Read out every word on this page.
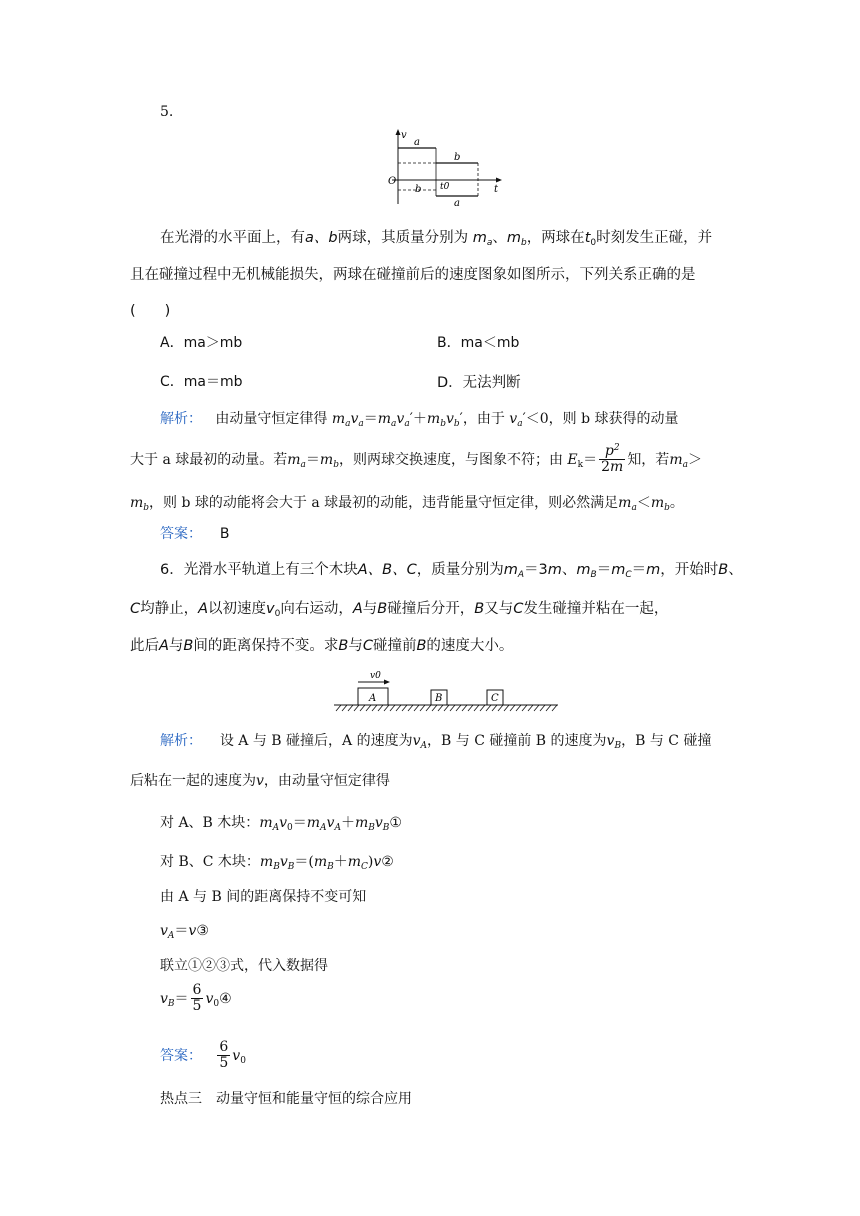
5.
v
O
a
b
b t0
a
t
在光滑的水平面上，有a、b两球，其质量分别为 $m_a$、$m_b$，两球在$t_0$时刻发生正碰，并
且在碰撞过程中无机械能损失，两球在碰撞前后的速度图象如图所示，下列关系正确的是
(　　)
A．ma＞mb	B．ma＜mb
C．ma＝mb	D．无法判断
解析： 由动量守恒定律得 $m_av_a=m_av_a'+m_bv_b'$，由于 $v_a'<0$，则 b 球获得的动量
大于 a 球最初的动量。若$m_a=m_b$，则两球交换速度，与图象不符；由 $E_k= \frac{p^2}{2m}$ 知，若$m_a>$
$m_b$，则 b 球的动能将会大于 a 球最初的动能，违背能量守恒定律，则必然满足$m_a<m_b$。
答案： B
6．光滑水平轨道上有三个木块A、B、C，质量分别为$m_A=3m$、$m_B=m_C=m$，开始时B、
C均静止，A以初速度$v_0$向右运动，A与B碰撞后分开，B又与C发生碰撞并粘在一起，
此后A与B间的距离保持不变。求B与C碰撞前B的速度大小。
v0
A	B	C
解析： 设 A 与 B 碰撞后，A 的速度为$v_A$，B 与 C 碰撞前 B 的速度为$v_B$，B 与 C 碰撞
后粘在一起的速度为v，由动量守恒定律得
对 A、B 木块：$m_Av_0=m_Av_A+m_Bv_B①$
对 B、C 木块：$m_Bv_B=(m_B+m_C)v②$
由 A 与 B 间的距离保持不变可知
$v_A=v③$
联立①②③式，代入数据得
$v_B= \frac{6}{5}$ $v_0④$
答案： $\frac{6}{5} v_0$
热点三　动量守恒和能量守恒的综合应用
